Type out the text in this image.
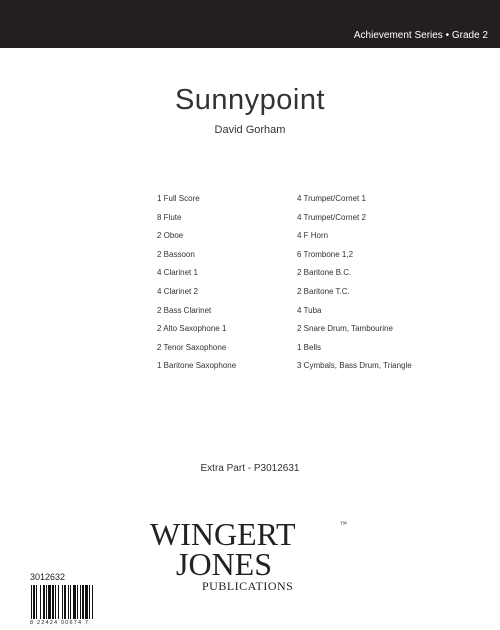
Achievement Series • Grade 2
Sunnypoint
David Gorham
1 Full Score
8 Flute
2 Oboe
2 Bassoon
4 Clarinet 1
4 Clarinet 2
2 Bass Clarinet
2 Alto Saxophone 1
2 Tenor Saxophone
1 Baritone Saxophone
4 Trumpet/Cornet 1
4 Trumpet/Cornet 2
4 F Horn
6 Trombone 1,2
2 Baritone B.C.
2 Baritone T.C.
4 Tuba
2 Snare Drum, Tambourine
1 Bells
3 Cymbals, Bass Drum, Triangle
Extra Part - P3012631
WINGERT	™
JONES
PUBLICATIONS
3012632
8 22424 00674 7
